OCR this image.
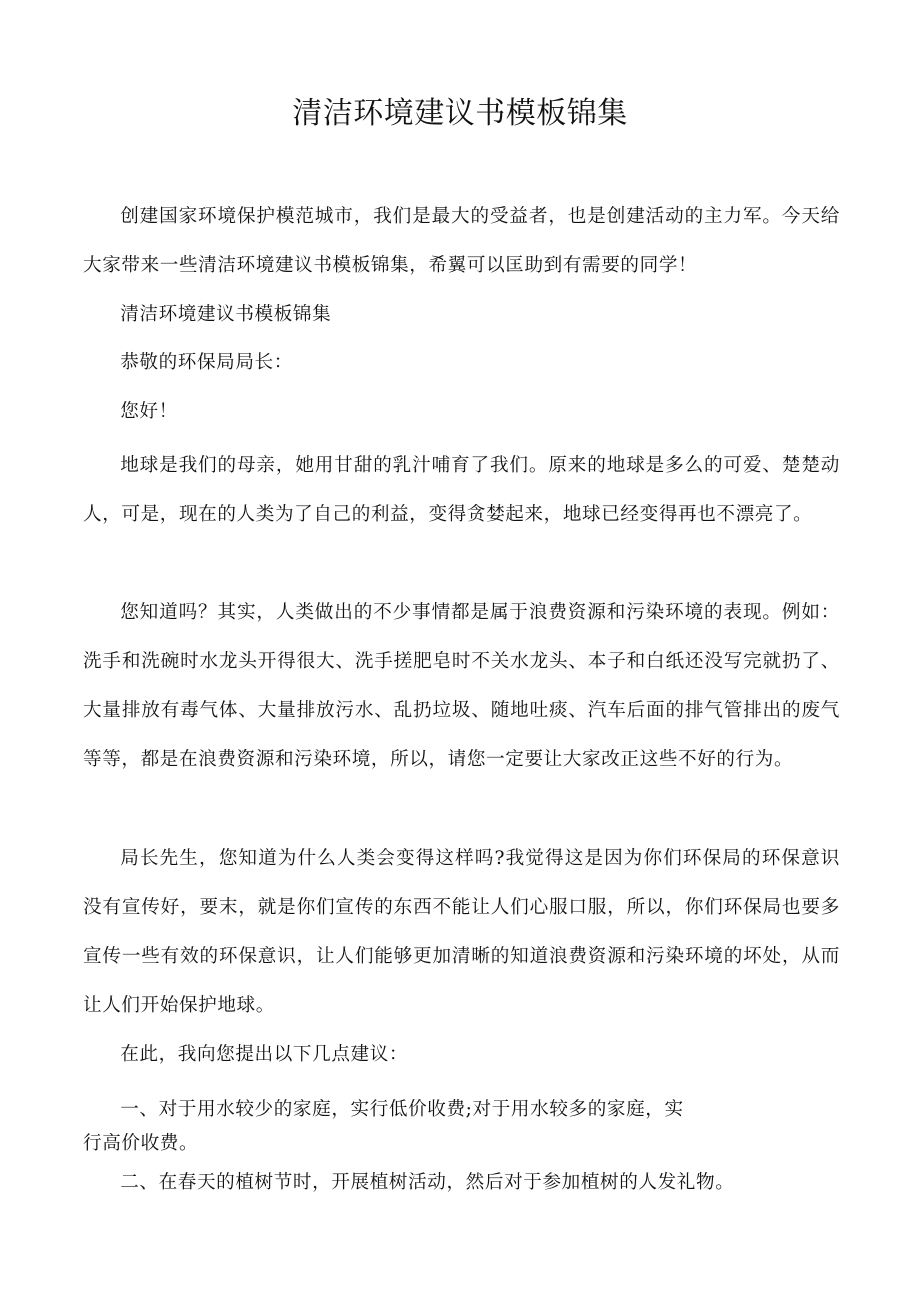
清洁环境建议书模板锦集

创建国家环境保护模范城市，我们是最大的受益者，也是创建活动的主力军。今天给大家带来一些清洁环境建议书模板锦集，希翼可以匡助到有需要的同学！

清洁环境建议书模板锦集

恭敬的环保局局长：

您好！

地球是我们的母亲，她用甘甜的乳汁哺育了我们。原来的地球是多么的可爱、楚楚动人，可是，现在的人类为了自己的利益，变得贪婪起来，地球已经变得再也不漂亮了。

您知道吗？其实，人类做出的不少事情都是属于浪费资源和污染环境的表现。例如：洗手和洗碗时水龙头开得很大、洗手搓肥皂时不关水龙头、本子和白纸还没写完就扔了、大量排放有毒气体、大量排放污水、乱扔垃圾、随地吐痰、汽车后面的排气管排出的废气等等，都是在浪费资源和污染环境，所以，请您一定要让大家改正这些不好的行为。

局长先生，您知道为什么人类会变得这样吗?我觉得这是因为你们环保局的环保意识没有宣传好，要末，就是你们宣传的东西不能让人们心服口服，所以，你们环保局也要多宣传一些有效的环保意识，让人们能够更加清晰的知道浪费资源和污染环境的坏处，从而让人们开始保护地球。

在此，我向您提出以下几点建议：

一、对于用水较少的家庭，实行低价收费;对于用水较多的家庭，实

行高价收费。

二、在春天的植树节时，开展植树活动，然后对于参加植树的人发礼物。
